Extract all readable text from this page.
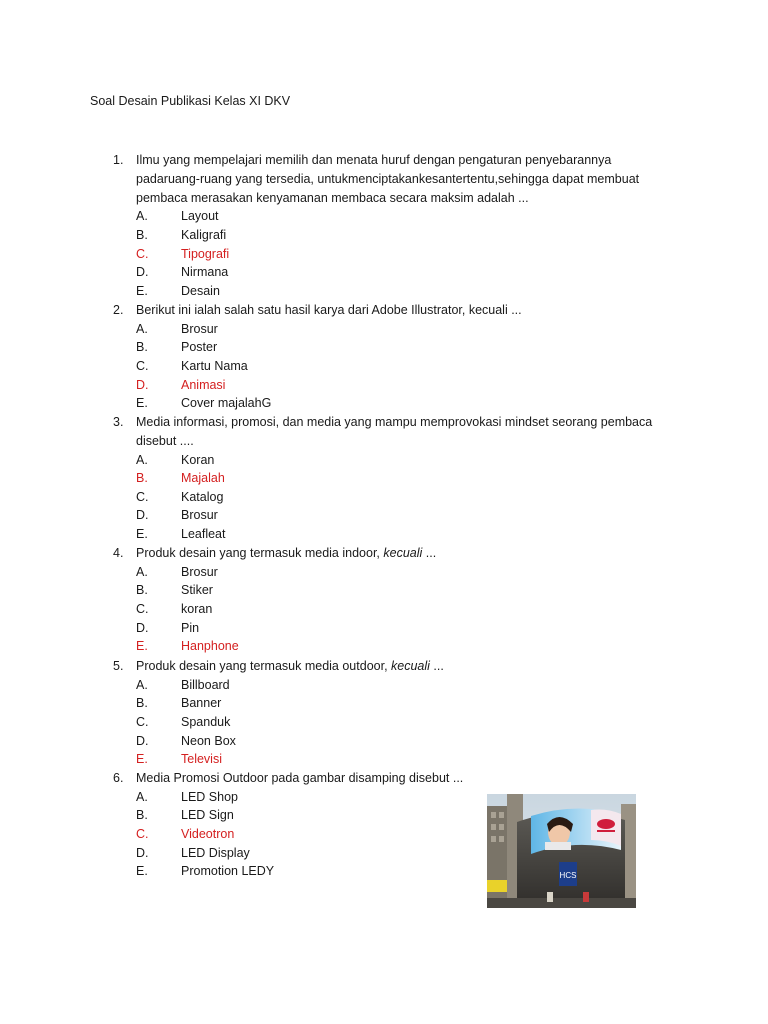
Soal Desain Publikasi Kelas XI DKV
1.	Ilmu yang mempelajari memilih dan menata huruf dengan pengaturan penyebarannya padaruang-ruang yang tersedia, untukmenciptakankesantertentu,sehingga dapat membuat pembaca merasakan kenyamanan membaca secara maksim adalah ...
A.	Layout
B.	Kaligrafi
C.	Tipografi
D.	Nirmana
E.	Desain
2.	Berikut ini ialah salah satu hasil karya dari Adobe Illustrator, kecuali ...
A.	Brosur
B.	Poster
C.	Kartu Nama
D.	Animasi
E.	Cover majalahG
3.	Media informasi, promosi, dan media yang mampu memprovokasi mindset seorang pembaca disebut ....
A.	Koran
B.	Majalah
C.	Katalog
D.	Brosur
E.	Leafleat
4.	Produk desain yang termasuk media indoor, kecuali ...
A.	Brosur
B.	Stiker
C.	koran
D.	Pin
E.	Hanphone
5.	Produk desain yang termasuk media outdoor, kecuali ...
A.	Billboard
B.	Banner
C.	Spanduk
D.	Neon Box
E.	Televisi
6.	Media Promosi Outdoor pada gambar disamping disebut ...
A.	LED Shop
B.	LED Sign
C.	Videotron
D.	LED Display
E.	Promotion LEDY	HCS
